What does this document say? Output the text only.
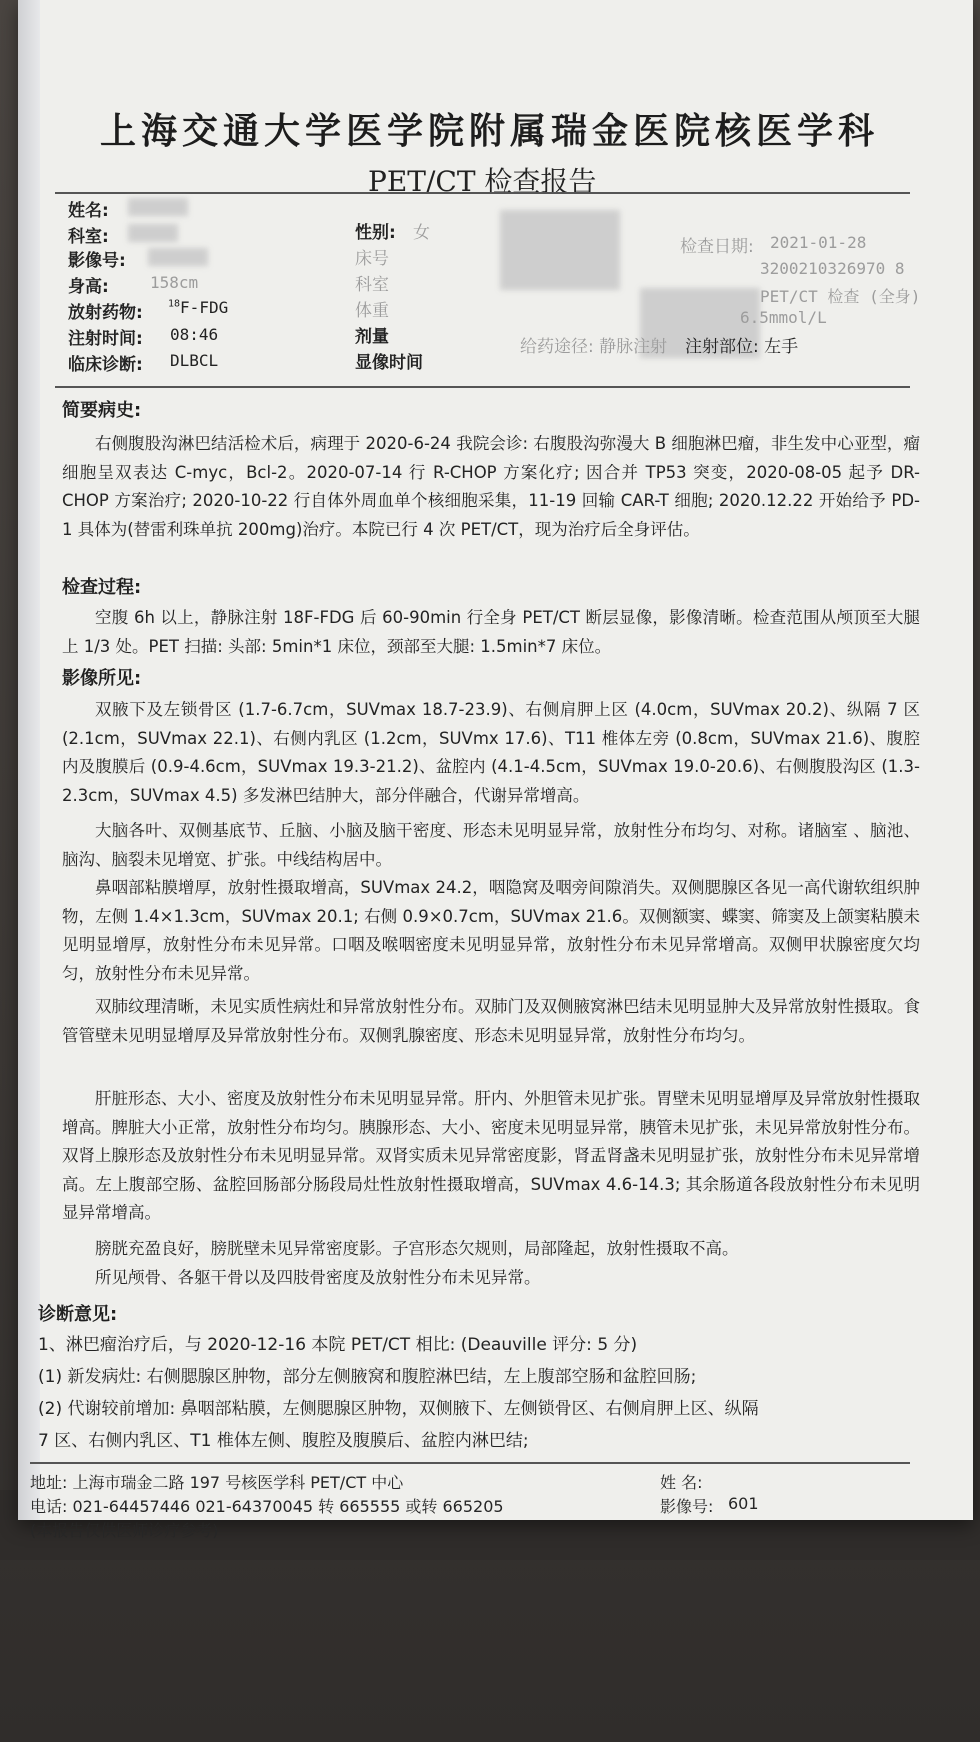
上海交通大学医学院附属瑞金医院核医学科
PET/CT 检查报告
姓名:
科室:
影像号:
身高:	158cm
放射药物:	$^{18}$F-FDG
注射时间: 08:46
临床诊断: DLBCL
性别: 女
床号
科室
体重
剂量
显像时间
检查日期: 2021-01-28
3200210326970 8
PET/CT 检查 (全身)
6.5mmol/L
给药途径: 静脉注射 注射部位: 左手
简要病史:
右侧腹股沟淋巴结活检术后，病理于 2020-6-24 我院会诊: 右腹股沟弥漫大 B 细胞淋巴瘤，非生发中心亚型，瘤细胞呈双表达 C-myc，Bcl-2。2020-07-14 行 R-CHOP 方案化疗; 因合并 TP53 突变，2020-08-05 起予 DR-CHOP 方案治疗; 2020-10-22 行自体外周血单个核细胞采集，11-19 回输 CAR-T 细胞; 2020.12.22 开始给予 PD-1 具体为(替雷利珠单抗 200mg)治疗。本院已行 4 次 PET/CT，现为治疗后全身评估。
检查过程:
空腹 6h 以上，静脉注射 18F-FDG 后 60-90min 行全身 PET/CT 断层显像，影像清晰。检查范围从颅顶至大腿上 1/3 处。PET 扫描: 头部: 5min*1 床位，颈部至大腿: 1.5min*7 床位。
影像所见:
双腋下及左锁骨区 (1.7-6.7cm，SUVmax 18.7-23.9)、右侧肩胛上区 (4.0cm，SUVmax 20.2)、纵隔 7 区 (2.1cm，SUVmax 22.1)、右侧内乳区 (1.2cm，SUVmx 17.6)、T11 椎体左旁 (0.8cm，SUVmax 21.6)、腹腔内及腹膜后 (0.9-4.6cm，SUVmax 19.3-21.2)、盆腔内 (4.1-4.5cm，SUVmax 19.0-20.6)、右侧腹股沟区 (1.3-2.3cm，SUVmax 4.5) 多发淋巴结肿大，部分伴融合，代谢异常增高。
大脑各叶、双侧基底节、丘脑、小脑及脑干密度、形态未见明显异常，放射性分布均匀、对称。诸脑室 、脑池、脑沟、脑裂未见增宽、扩张。中线结构居中。
鼻咽部粘膜增厚，放射性摄取增高，SUVmax 24.2，咽隐窝及咽旁间隙消失。双侧腮腺区各见一高代谢软组织肿物，左侧 1.4×1.3cm，SUVmax 20.1; 右侧 0.9×0.7cm，SUVmax 21.6。双侧额窦、蝶窦、筛窦及上颌窦粘膜未见明显增厚，放射性分布未见异常。口咽及喉咽密度未见明显异常，放射性分布未见异常增高。双侧甲状腺密度欠均匀，放射性分布未见异常。
双肺纹理清晰，未见实质性病灶和异常放射性分布。双肺门及双侧腋窝淋巴结未见明显肿大及异常放射性摄取。食管管壁未见明显增厚及异常放射性分布。双侧乳腺密度、形态未见明显异常，放射性分布均匀。
肝脏形态、大小、密度及放射性分布未见明显异常。肝内、外胆管未见扩张。胃壁未见明显增厚及异常放射性摄取增高。脾脏大小正常，放射性分布均匀。胰腺形态、大小、密度未见明显异常，胰管未见扩张，未见异常放射性分布。双肾上腺形态及放射性分布未见明显异常。双肾实质未见异常密度影，肾盂肾盏未见明显扩张，放射性分布未见异常增高。左上腹部空肠、盆腔回肠部分肠段局灶性放射性摄取增高，SUVmax 4.6-14.3; 其余肠道各段放射性分布未见明显异常增高。
膀胱充盈良好，膀胱壁未见异常密度影。子宫形态欠规则，局部隆起，放射性摄取不高。
所见颅骨、各躯干骨以及四肢骨密度及放射性分布未见异常。
诊断意见:
1、淋巴瘤治疗后，与 2020-12-16 本院 PET/CT 相比: (Deauville 评分: 5 分)
(1) 新发病灶: 右侧腮腺区肿物，部分左侧腋窝和腹腔淋巴结，左上腹部空肠和盆腔回肠;
(2) 代谢较前增加: 鼻咽部粘膜，左侧腮腺区肿物，双侧腋下、左侧锁骨区、右侧肩胛上区、纵隔
7 区、右侧内乳区、T1 椎体左侧、腹腔及腹膜后、盆腔内淋巴结;
地址: 上海市瑞金二路 197 号核医学科 PET/CT 中心
电话: 021-64457446 021-64370045 转 665555 或转 665205
(本报告仅供医师诊疗参考)
姓 名:
影像号: 601
